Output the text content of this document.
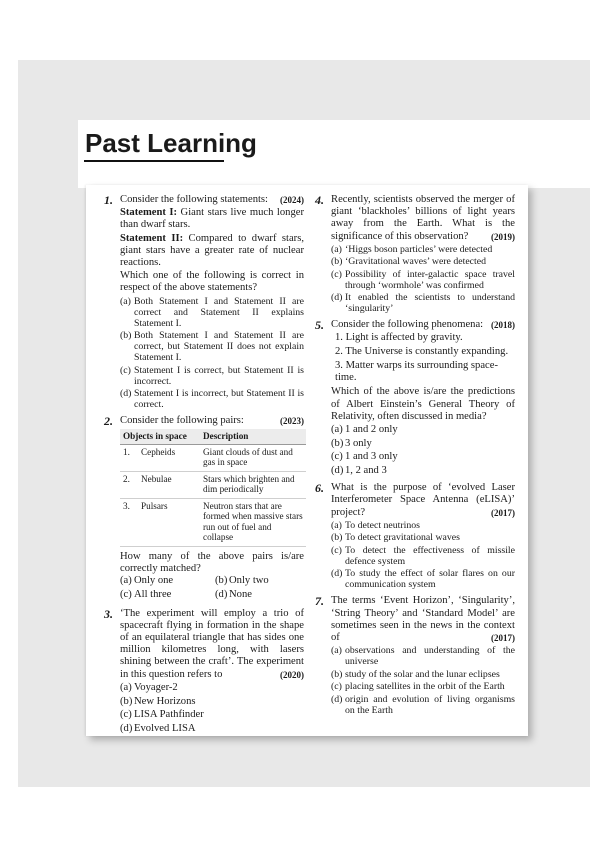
Past Learning
1.	(2024)
Consider the following statements:
Statement I: Giant stars live much longer than dwarf stars.
Statement II: Compared to dwarf stars, giant stars have a greater rate of nuclear reactions.
Which one of the following is correct in respect of the above statements?
(a) Both Statement I and Statement II are correct and Statement II explains Statement I.
(b) Both Statement I and Statement II are correct, but Statement II does not explain Statement I.
(c) Statement I is correct, but Statement II is incorrect.
(d) Statement I is incorrect, but Statement II is correct.
2.	(2023)
Consider the following pairs:
Objects in space		Description
1.	Cepheids	Giant clouds of dust and gas in space
2.	Nebulae	Stars which brighten and dim periodically
3.	Pulsars	Neutron stars that are formed when massive stars run out of fuel and collapse
How many of the above pairs is/are correctly matched?
(a) Only one	(b) Only two
(c) All three	(d) None
3. ‘The experiment will employ a trio of spacecraft flying in formation in the shape of an equilateral triangle that has sides one million kilometres long, with lasers shining between the craft’. The experiment in this question refers to	(2020)
(a) Voyager-2
(b) New Horizons
(c) LISA Pathfinder
(d) Evolved LISA
4. Recently, scientists observed the merger of giant ‘blackholes’ billions of light years away from the Earth. What is the significance of this observation?	(2019)
(a) ‘Higgs boson particles’ were detected
(b) ‘Gravitational waves’ were detected
(c) Possibility of inter-galactic space travel through ‘wormhole’ was confirmed
(d) It enabled the scientists to understand ‘singularity’
5.	(2018)
Consider the following phenomena:
1. Light is affected by gravity.
2. The Universe is constantly expanding.
3. Matter warps its surrounding space-time.
Which of the above is/are the predictions of Albert Einstein’s General Theory of Relativity, often discussed in media?
(a) 1 and 2 only
(b) 3 only
(c) 1 and 3 only
(d) 1, 2 and 3
6. What is the purpose of ‘evolved Laser Interferometer Space Antenna (eLISA)’ project?	(2017)
(a) To detect neutrinos
(b) To detect gravitational waves
(c) To detect the effectiveness of missile defence system
(d) To study the effect of solar flares on our communication system
7. The terms ‘Event Horizon’, ‘Singularity’, ‘String Theory’ and ‘Standard Model’ are sometimes seen in the news in the context of	(2017)
(a) observations and understanding of the universe
(b) study of the solar and the lunar eclipses
(c) placing satellites in the orbit of the Earth
(d) origin and evolution of living organisms on the Earth
